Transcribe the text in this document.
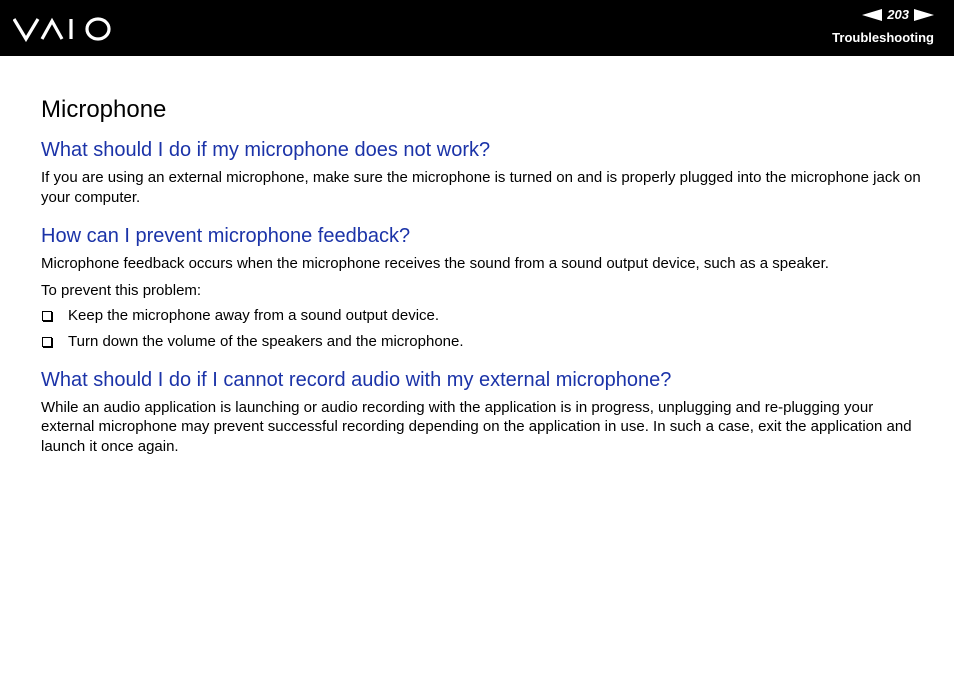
203
Troubleshooting
Microphone
What should I do if my microphone does not work?

If you are using an external microphone, make sure the microphone is turned on and is properly plugged into the microphone jack on your computer.

How can I prevent microphone feedback?

Microphone feedback occurs when the microphone receives the sound from a sound output device, such as a speaker.

To prevent this problem:

Keep the microphone away from a sound output device.
Turn down the volume of the speakers and the microphone.
What should I do if I cannot record audio with my external microphone?

While an audio application is launching or audio recording with the application is in progress, unplugging and re-plugging your external microphone may prevent successful recording depending on the application in use. In such a case, exit the application and launch it once again.
